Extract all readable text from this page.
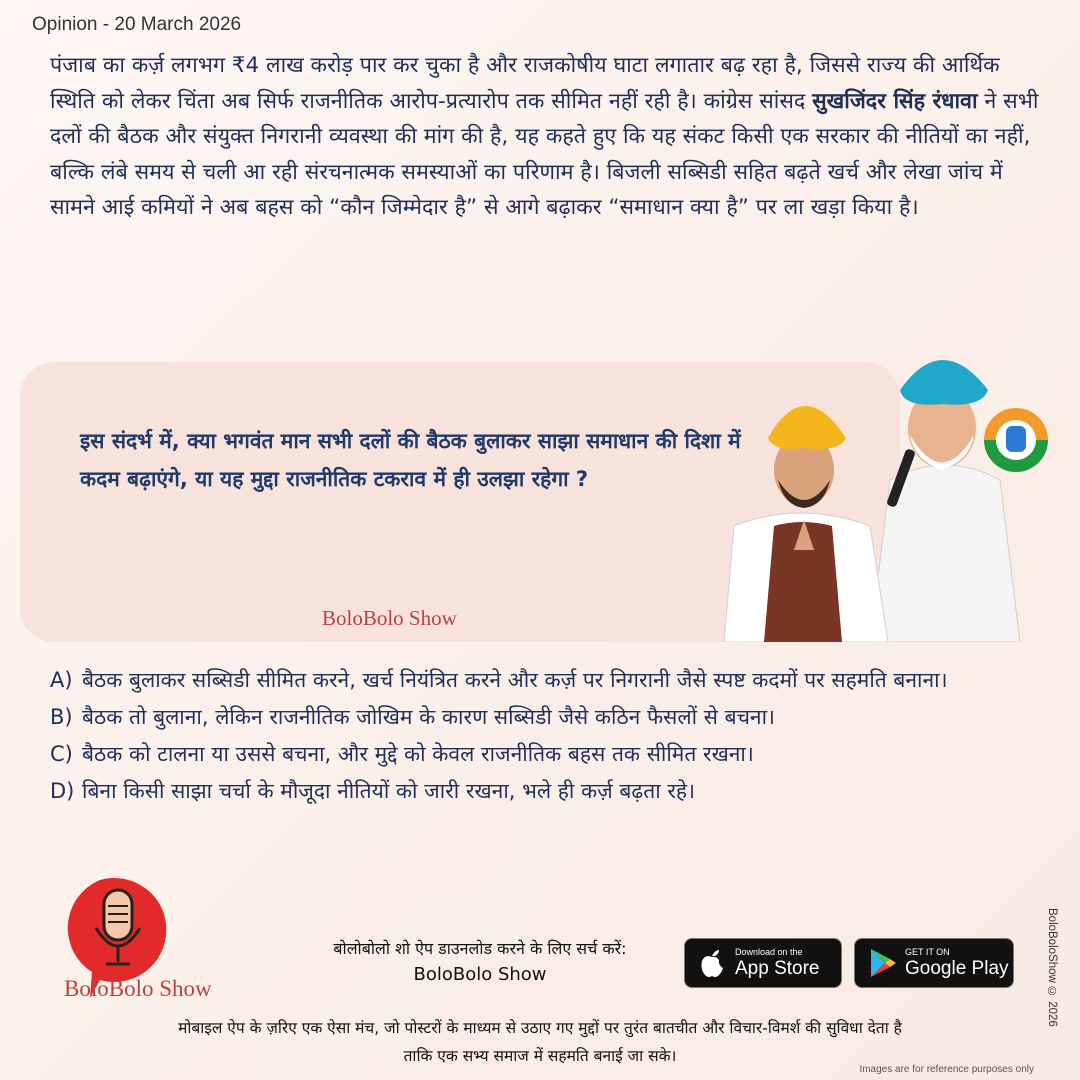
Opinion - 20 March 2026
पंजाब का कर्ज़ लगभग ₹4 लाख करोड़ पार कर चुका है और राजकोषीय घाटा लगातार बढ़ रहा है, जिससे राज्य की आर्थिक स्थिति को लेकर चिंता अब सिर्फ राजनीतिक आरोप-प्रत्यारोप तक सीमित नहीं रही है। कांग्रेस सांसद सुखजिंदर सिंह रंधावा ने सभी दलों की बैठक और संयुक्त निगरानी व्यवस्था की मांग की है, यह कहते हुए कि यह संकट किसी एक सरकार की नीतियों का नहीं, बल्कि लंबे समय से चली आ रही संरचनात्मक समस्याओं का परिणाम है। बिजली सब्सिडी सहित बढ़ते खर्च और लेखा जांच में सामने आई कमियों ने अब बहस को “कौन जिम्मेदार है” से आगे बढ़ाकर “समाधान क्या है” पर ला खड़ा किया है।
इस संदर्भ में, क्या भगवंत मान सभी दलों की बैठक बुलाकर साझा समाधान की दिशा में कदम बढ़ाएंगे, या यह मुद्दा राजनीतिक टकराव में ही उलझा रहेगा ?
BoloBolo Show
A) बैठक बुलाकर सब्सिडी सीमित करने, खर्च नियंत्रित करने और कर्ज़ पर निगरानी जैसे स्पष्ट कदमों पर सहमति बनाना।
B) बैठक तो बुलाना, लेकिन राजनीतिक जोखिम के कारण सब्सिडी जैसे कठिन फैसलों से बचना।
C) बैठक को टालना या उससे बचना, और मुद्दे को केवल राजनीतिक बहस तक सीमित रखना।
D) बिना किसी साझा चर्चा के मौजूदा नीतियों को जारी रखना, भले ही कर्ज़ बढ़ता रहे।
BoloBolo Show
बोलोबोलो शो ऐप डाउनलोड करने के लिए सर्च करें:
BoloBolo Show
Download on the
App Store
GET IT ON
Google Play
मोबाइल ऐप के ज़रिए एक ऐसा मंच, जो पोस्टरों के माध्यम से उठाए गए मुद्दों पर तुरंत बातचीत और विचार-विमर्श की सुविधा देता है
ताकि एक सभ्य समाज में सहमति बनाई जा सके।
BoloBoloShow © 2026
Images are for reference purposes only
